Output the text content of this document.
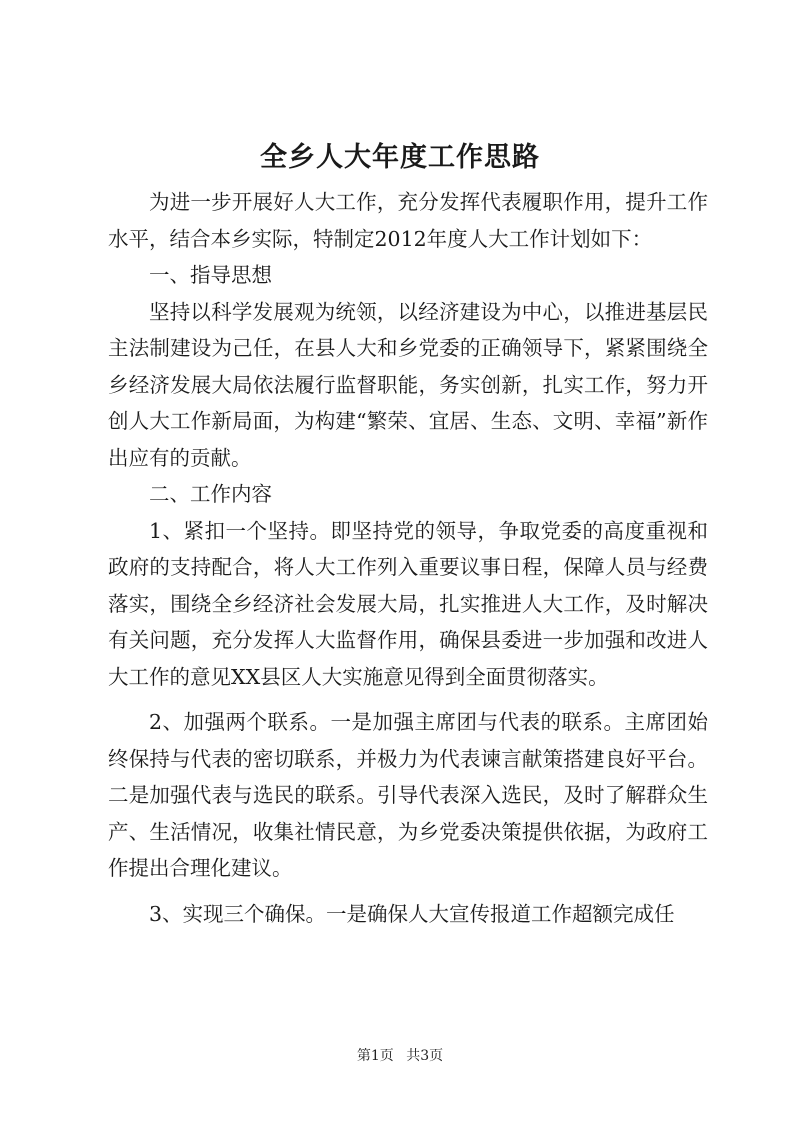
全乡人大年度工作思路

为进一步开展好人大工作，充分发挥代表履职作用，提升工作水平，结合本乡实际，特制定2012年度人大工作计划如下：

一、指导思想

坚持以科学发展观为统领，以经济建设为中心，以推进基层民主法制建设为己任，在县人大和乡党委的正确领导下，紧紧围绕全乡经济发展大局依法履行监督职能，务实创新，扎实工作，努力开创人大工作新局面，为构建“繁荣、宜居、生态、文明、幸福”新作出应有的贡献。

二、工作内容

1、紧扣一个坚持。即坚持党的领导，争取党委的高度重视和政府的支持配合，将人大工作列入重要议事日程，保障人员与经费落实，围绕全乡经济社会发展大局，扎实推进人大工作，及时解决有关问题，充分发挥人大监督作用，确保县委进一步加强和改进人大工作的意见XX县区人大实施意见得到全面贯彻落实。

2、加强两个联系。一是加强主席团与代表的联系。主席团始终保持与代表的密切联系，并极力为代表谏言献策搭建良好平台。二是加强代表与选民的联系。引导代表深入选民，及时了解群众生产、生活情况，收集社情民意，为乡党委决策提供依据，为政府工作提出合理化建议。

3、实现三个确保。一是确保人大宣传报道工作超额完成任

第1页 共3页
